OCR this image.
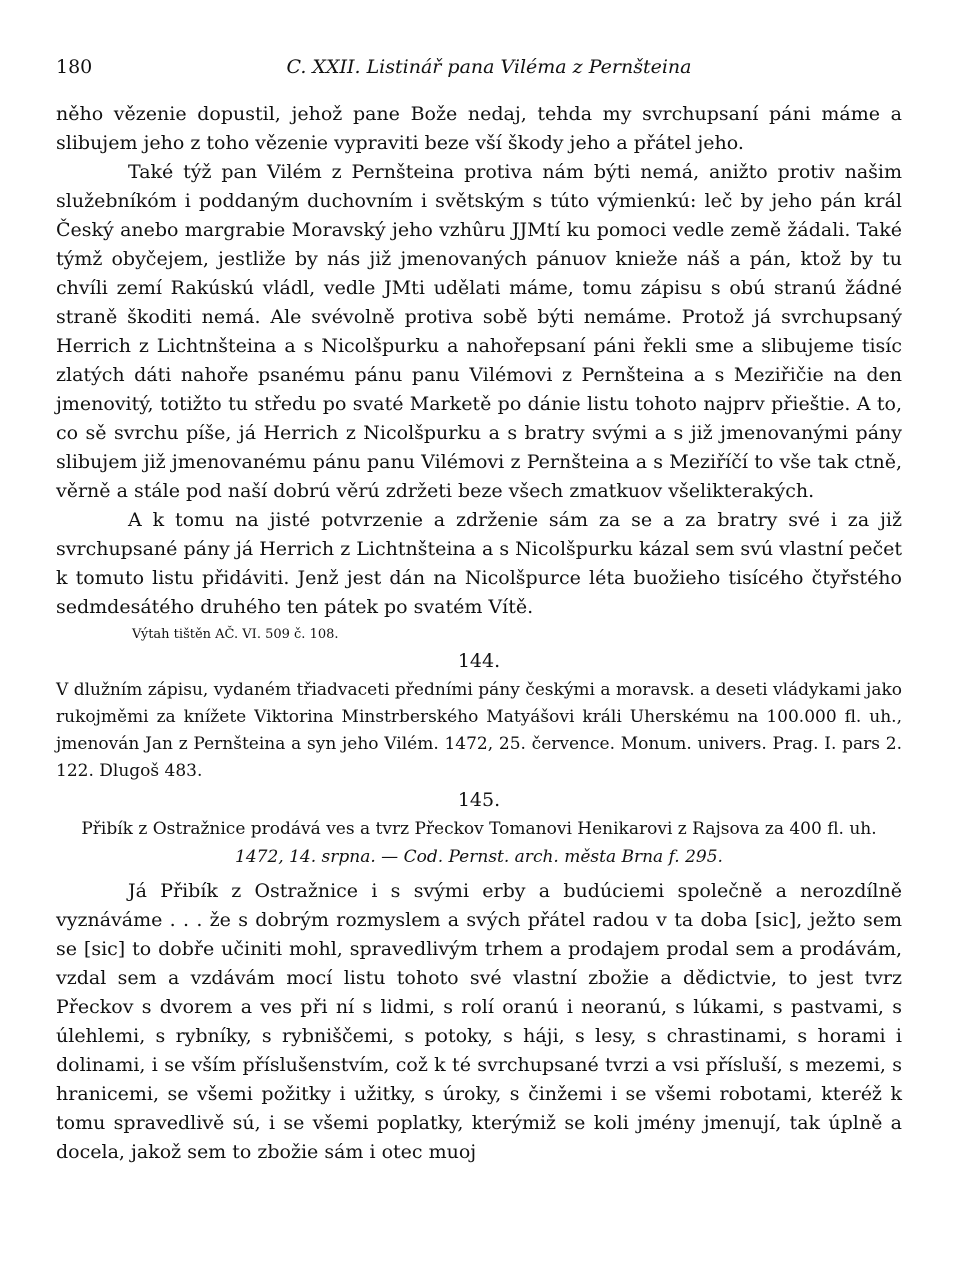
180	C. XXII. Listinář pana Viléma z Pernšteina

něho vězenie dopustil, jehož pane Bože nedaj, tehda my svrchupsaní páni máme a slibujem jeho z toho vězenie vypraviti beze vší škody jeho a přátel jeho.

Také týž pan Vilém z Pernšteina protiva nám býti nemá, anižto protiv našim služebníkóm i poddaným duchovním i světským s túto výmienkú: leč by jeho pán král Český anebo margrabie Moravský jeho vzhûru JJMtí ku pomoci vedle země žádali. Také týmž obyčejem, jestliže by nás již jmenovaných pánuov knieže náš a pán, ktož by tu chvíli zemí Rakúskú vládl, vedle JMti udělati máme, tomu zápisu s obú stranú žádné straně škoditi nemá. Ale svévolně protiva sobě býti nemáme. Protož já svrchupsaný Herrich z Lichtnšteina a s Nicolšpurku a nahořepsaní páni řekli sme a slibujeme tisíc zlatých dáti nahoře psanému pánu panu Vilémovi z Pernšteina a s Meziřičie na den jmenovitý, totižto tu středu po svaté Marketě po dánie listu tohoto najprv přieštie. A to, co sě svrchu píše, já Herrich z Nicolšpurku a s bratry svými a s již jmenovanými pány slibujem již jmenovanému pánu panu Vilémovi z Pernšteina a s Meziříčí to vše tak ctně, věrně a stále pod naší dobrú věrú zdržeti beze všech zmatkuov všelikterakých.

A k tomu na jisté potvrzenie a zdrženie sám za se a za bratry své i za již svrchupsané pány já Herrich z Lichtnšteina a s Nicolšpurku kázal sem svú vlastní pečet k tomuto listu přidáviti. Jenž jest dán na Nicolšpurce léta buožieho tisícého čtyřstého sedmdesátého druhého ten pátek po svatém Vítě.

Výtah tištěn AČ. VI. 509 č. 108.
144.

V dlužním zápisu, vydaném třiadvaceti předními pány českými a moravsk. a deseti vládykami jako rukojměmi za knížete Viktorina Minstrberského Matyášovi králi Uherskému na 100.000 fl. uh., jmenován Jan z Pernšteina a syn jeho Vilém. 1472, 25. července. Monum. univers. Prag. I. pars 2. 122. Dlugoš 483.

145.

Přibík z Ostražnice prodává ves a tvrz Přeckov Tomanovi Henikarovi z Rajsova za 400 fl. uh.

1472, 14. srpna. — Cod. Pernst. arch. města Brna f. 295.

Já Přibík z Ostražnice i s svými erby a budúciemi společně a nerozdílně vyznáváme . . . že s dobrým rozmyslem a svých přátel radou v ta doba [sic], ježto sem se [sic] to dobře učiniti mohl, spravedlivým trhem a prodajem prodal sem a prodávám, vzdal sem a vzdávám mocí listu tohoto své vlastní zbožie a dědictvie, to jest tvrz Přeckov s dvorem a ves při ní s lidmi, s rolí oranú i neoranú, s lúkami, s pastvami, s úlehlemi, s rybníky, s rybniščemi, s potoky, s háji, s lesy, s chrastinami, s horami i dolinami, i se vším příslušenstvím, což k té svrchupsané tvrzi a vsi přísluší, s mezemi, s hranicemi, se všemi požitky i užitky, s úroky, s činžemi i se všemi robotami, kteréž k tomu spravedlivě sú, i se všemi poplatky, kterýmiž se koli jmény jmenují, tak úplně a docela, jakož sem to zbožie sám i otec muoj
